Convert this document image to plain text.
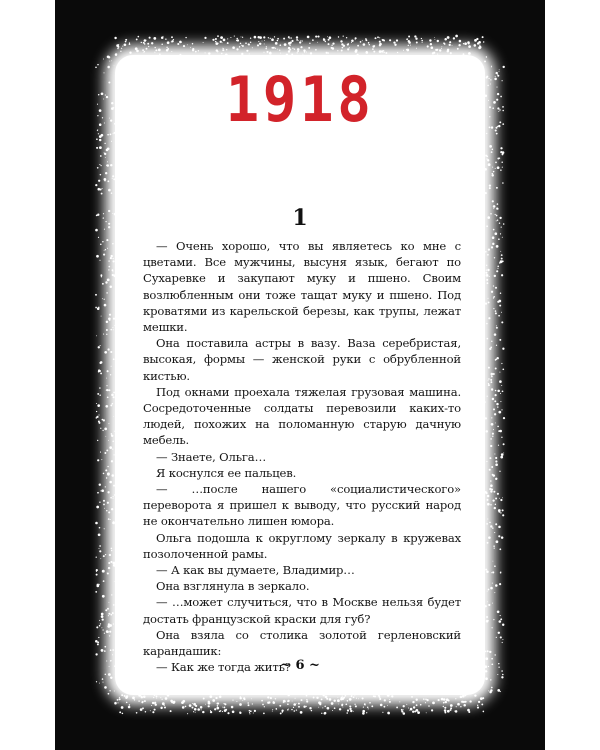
1918
1

— Очень хорошо, что вы являетесь ко мне с цветами. Все мужчины, высуня язык, бегают по Сухаревке и закупают муку и пшено. Своим возлюбленным они тоже тащат муку и пшено. Под кроватями из карельской березы, как трупы, лежат мешки.

Она поставила астры в вазу. Ваза серебристая, высокая, формы — женской руки с обрубленной кистью.

Под окнами проехала тяжелая грузовая машина. Сосредоточенные солдаты перевозили каких-то людей, похожих на поломанную старую дачную мебель.

— Знаете, Ольга…

Я коснулся ее пальцев.

— …после нашего «социалистического» переворота я пришел к выводу, что русский народ не окончательно лишен юмора.

Ольга подошла к округлому зеркалу в кружевах позолоченной рамы.

— А как вы думаете, Владимир…

Она взглянула в зеркало.

— …может случиться, что в Москве нельзя будет достать французской краски для губ?

Она взяла со столика золотой герленовский карандашик:

— Как же тогда жить?

~ 6 ~
